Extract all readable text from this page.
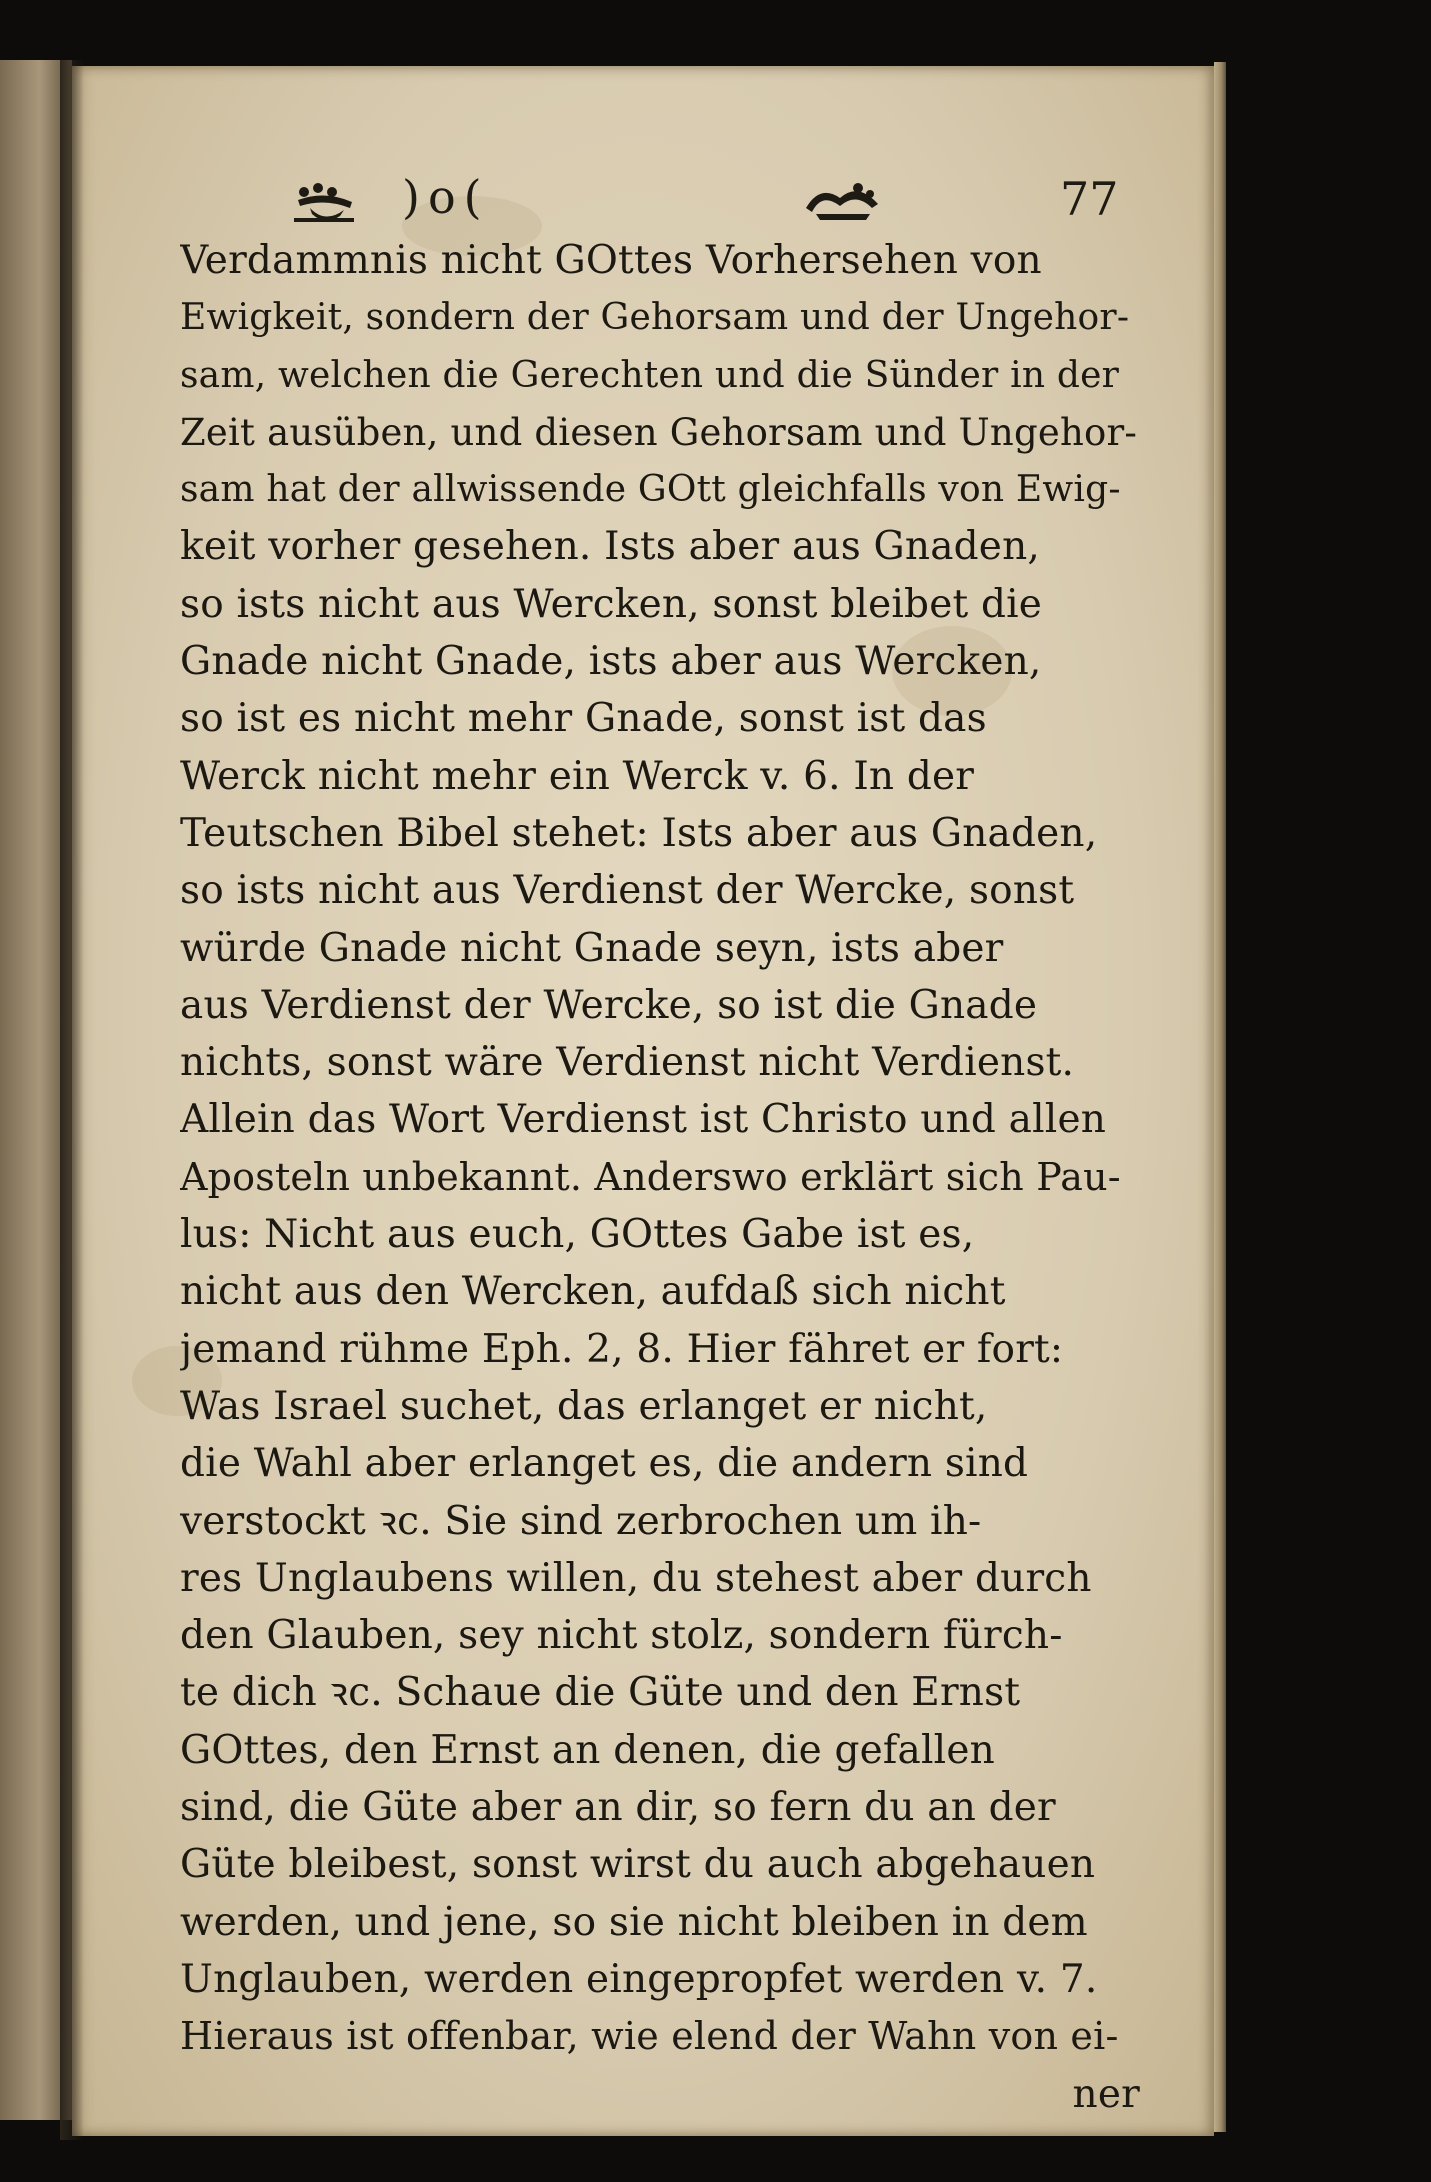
)o(	77
Verdammnis nicht GOttes Vorhersehen von
Ewigkeit, sondern der Gehorsam und der Ungehor-
sam, welchen die Gerechten und die Sünder in der
Zeit ausüben, und diesen Gehorsam und Ungehor-
sam hat der allwissende GOtt gleichfalls von Ewig-
keit vorher gesehen. Ists aber aus Gnaden,
so ists nicht aus Wercken, sonst bleibet die
Gnade nicht Gnade, ists aber aus Wercken,
so ist es nicht mehr Gnade, sonst ist das
Werck nicht mehr ein Werck v. 6. In der
Teutschen Bibel stehet: Ists aber aus Gnaden,
so ists nicht aus Verdienst der Wercke, sonst
würde Gnade nicht Gnade seyn, ists aber
aus Verdienst der Wercke, so ist die Gnade
nichts, sonst wäre Verdienst nicht Verdienst.
Allein das Wort Verdienst ist Christo und allen
Aposteln unbekannt. Anderswo erklärt sich Pau-
lus: Nicht aus euch, GOttes Gabe ist es,
nicht aus den Wercken, aufdaß sich nicht
jemand rühme Eph. 2, 8. Hier fähret er fort:
Was Israel suchet, das erlanget er nicht,
die Wahl aber erlanget es, die andern sind
verstockt ꝛc. Sie sind zerbrochen um ih-
res Unglaubens willen, du stehest aber durch
den Glauben, sey nicht stolz, sondern fürch-
te dich ꝛc. Schaue die Güte und den Ernst
GOttes, den Ernst an denen, die gefallen
sind, die Güte aber an dir, so fern du an der
Güte bleibest, sonst wirst du auch abgehauen
werden, und jene, so sie nicht bleiben in dem
Unglauben, werden eingepropfet werden v. 7.
Hieraus ist offenbar, wie elend der Wahn von ei-
ner
